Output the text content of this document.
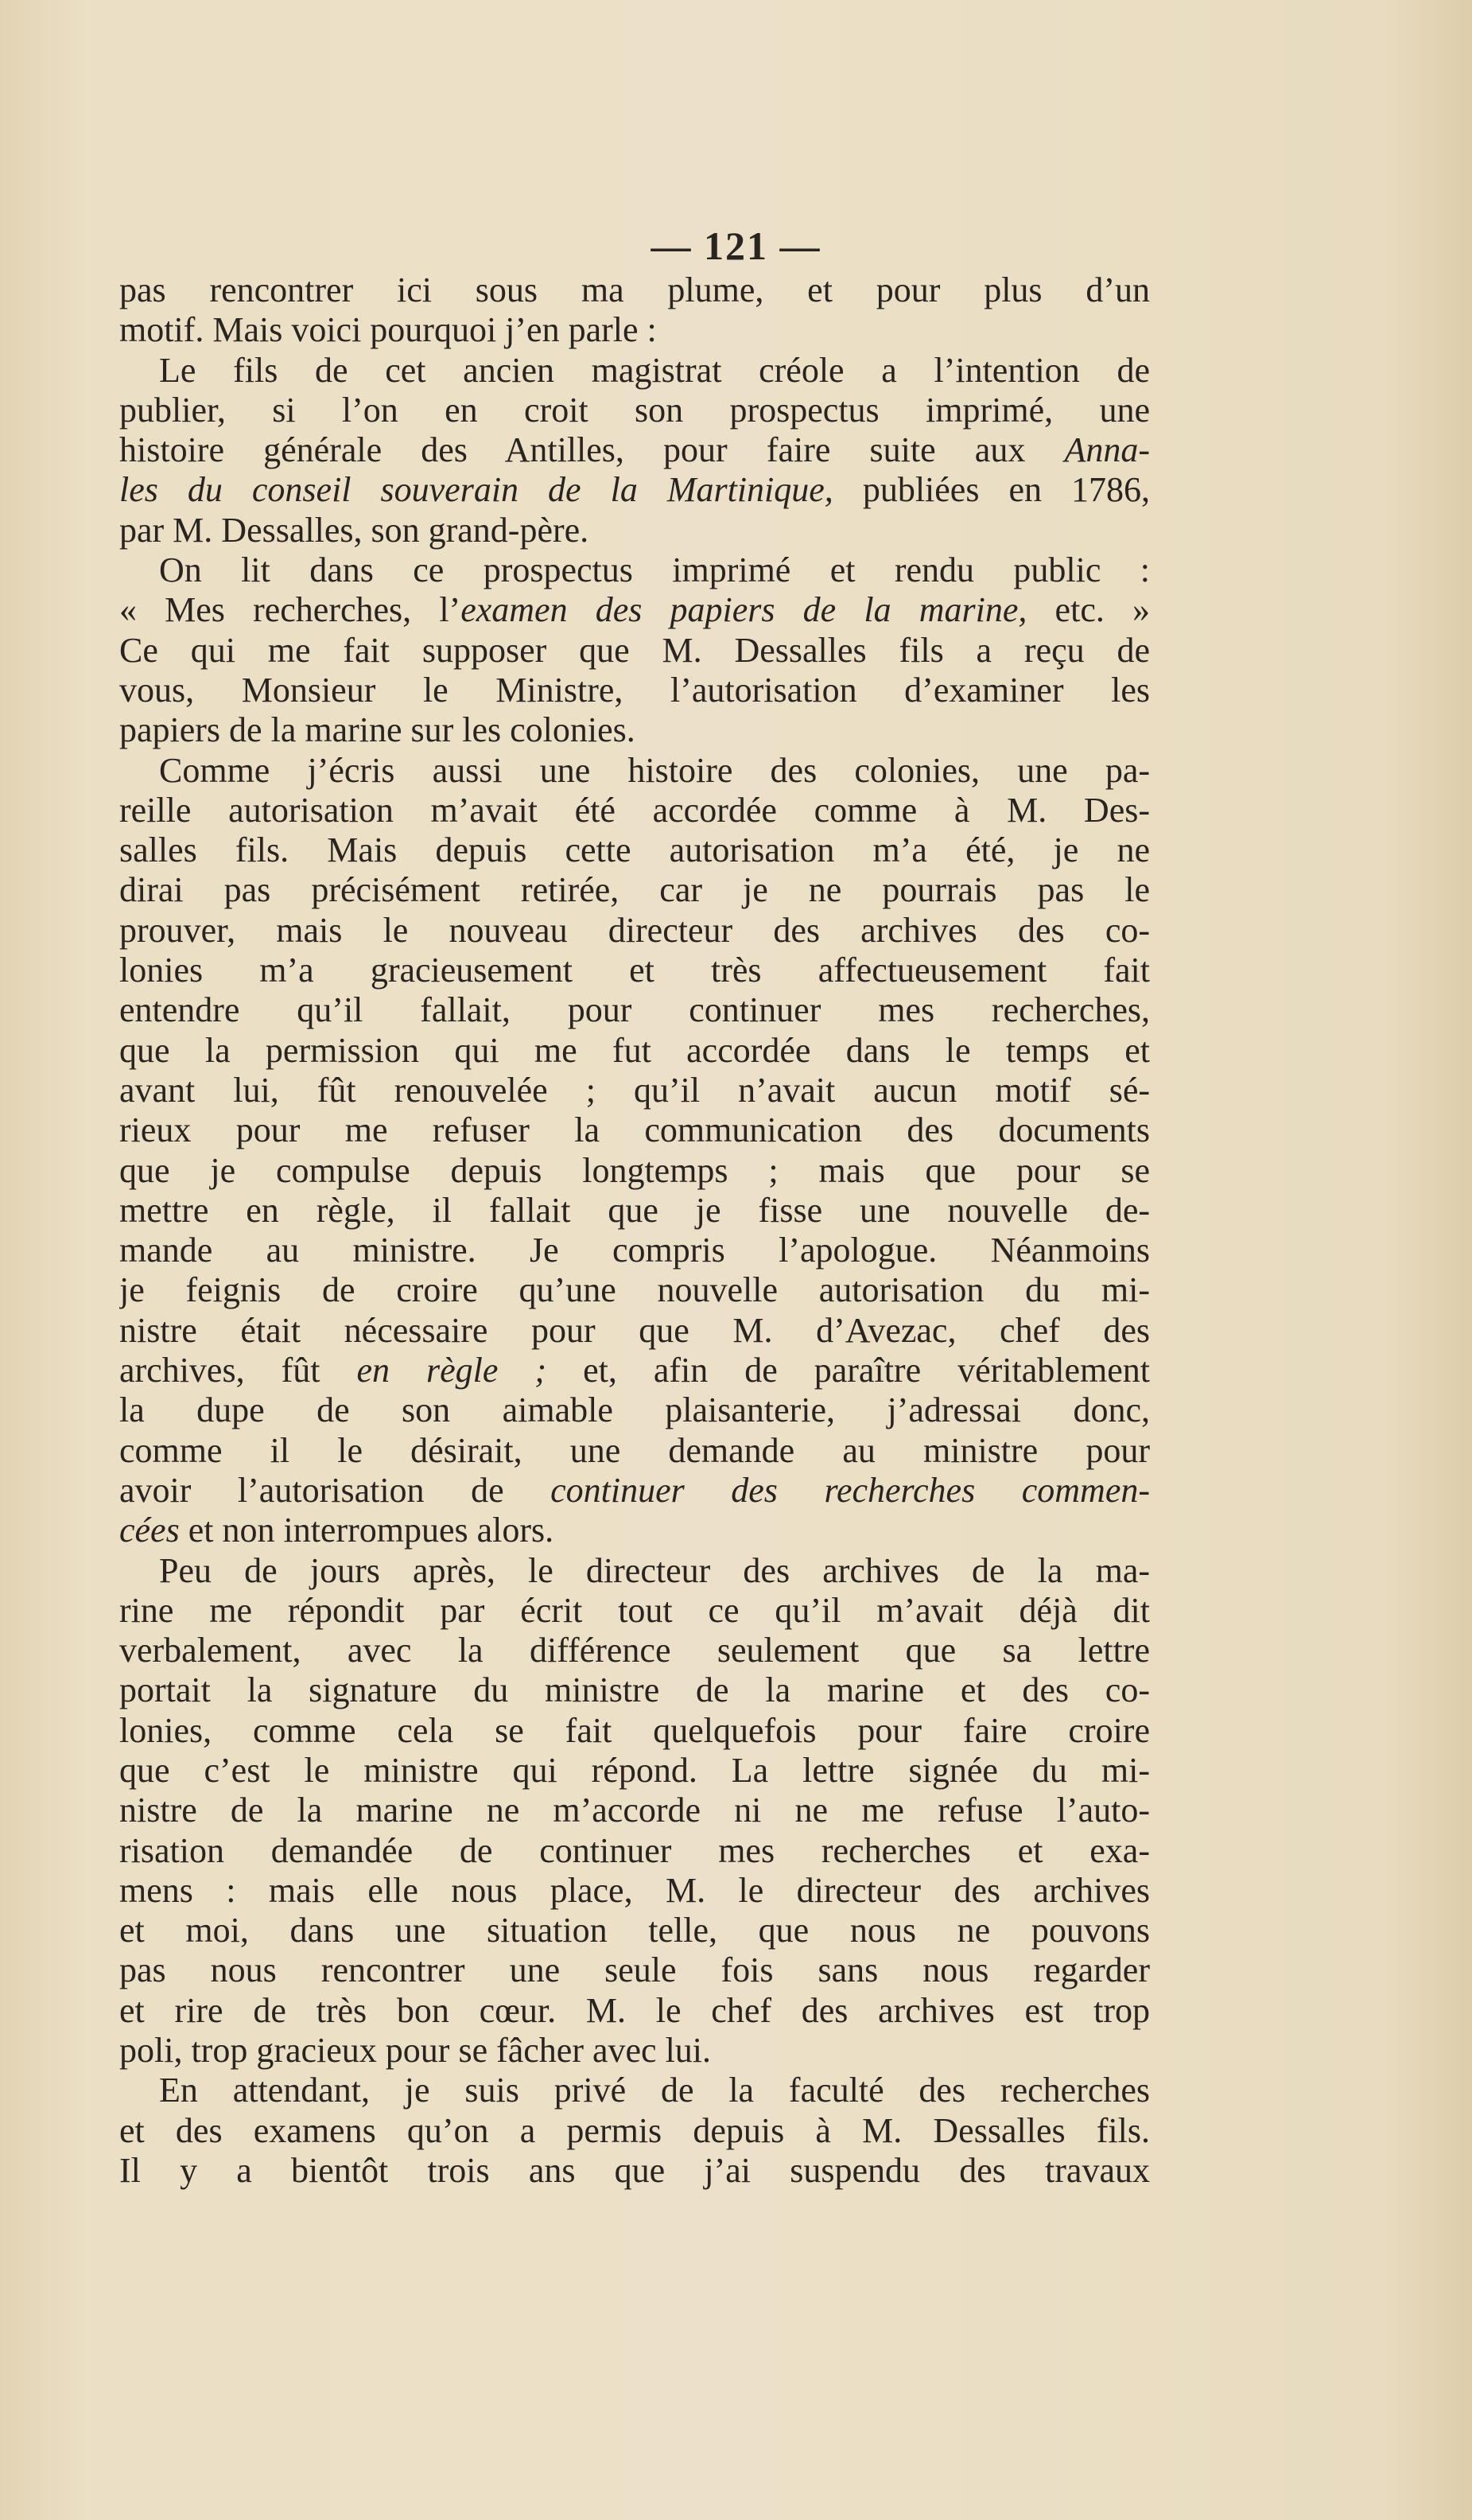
— 121 —
pas rencontrer ici sous ma plume, et pour plus d’un
motif. Mais voici pourquoi j’en parle :
Le fils de cet ancien magistrat créole a l’intention de
publier, si l’on en croit son prospectus imprimé, une
histoire générale des Antilles, pour faire suite aux Anna-
les du conseil souverain de la Martinique, publiées en 1786,
par M. Dessalles, son grand-père.
On lit dans ce prospectus imprimé et rendu public :
« Mes recherches, l’examen des papiers de la marine, etc. »
Ce qui me fait supposer que M. Dessalles fils a reçu de
vous, Monsieur le Ministre, l’autorisation d’examiner les
papiers de la marine sur les colonies.
Comme j’écris aussi une histoire des colonies, une pa-
reille autorisation m’avait été accordée comme à M. Des-
salles fils. Mais depuis cette autorisation m’a été, je ne
dirai pas précisément retirée, car je ne pourrais pas le
prouver, mais le nouveau directeur des archives des co-
lonies m’a gracieusement et très affectueusement fait
entendre qu’il fallait, pour continuer mes recherches,
que la permission qui me fut accordée dans le temps et
avant lui, fût renouvelée ; qu’il n’avait aucun motif sé-
rieux pour me refuser la communication des documents
que je compulse depuis longtemps ; mais que pour se
mettre en règle, il fallait que je fisse une nouvelle de-
mande au ministre. Je compris l’apologue. Néanmoins
je feignis de croire qu’une nouvelle autorisation du mi-
nistre était nécessaire pour que M. d’Avezac, chef des
archives, fût en règle ; et, afin de paraître véritablement
la dupe de son aimable plaisanterie, j’adressai donc,
comme il le désirait, une demande au ministre pour
avoir l’autorisation de continuer des recherches commen-
cées et non interrompues alors.
Peu de jours après, le directeur des archives de la ma-
rine me répondit par écrit tout ce qu’il m’avait déjà dit
verbalement, avec la différence seulement que sa lettre
portait la signature du ministre de la marine et des co-
lonies, comme cela se fait quelquefois pour faire croire
que c’est le ministre qui répond. La lettre signée du mi-
nistre de la marine ne m’accorde ni ne me refuse l’auto-
risation demandée de continuer mes recherches et exa-
mens : mais elle nous place, M. le directeur des archives
et moi, dans une situation telle, que nous ne pouvons
pas nous rencontrer une seule fois sans nous regarder
et rire de très bon cœur. M. le chef des archives est trop
poli, trop gracieux pour se fâcher avec lui.
En attendant, je suis privé de la faculté des recherches
et des examens qu’on a permis depuis à M. Dessalles fils.
Il y a bientôt trois ans que j’ai suspendu des travaux
